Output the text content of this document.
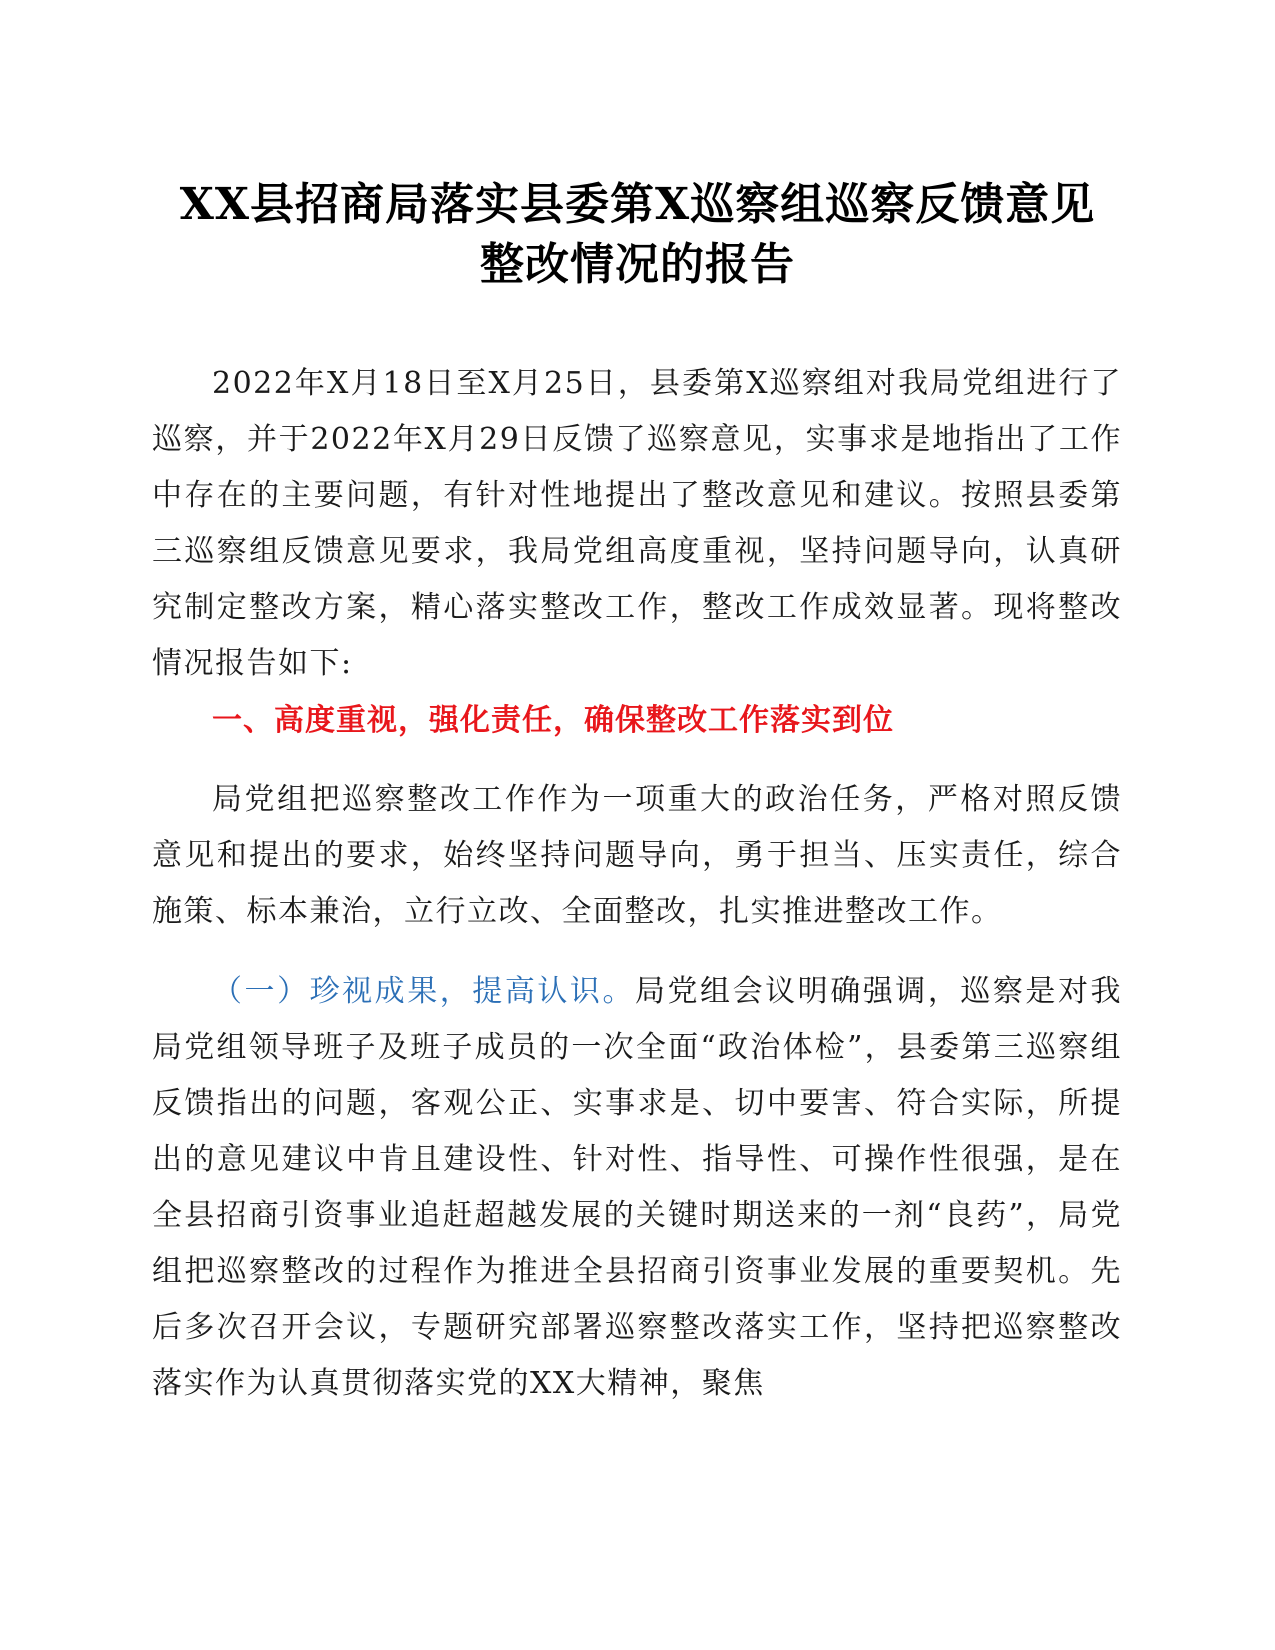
XX县招商局落实县委第X巡察组巡察反馈意见
整改情况的报告

2022年X月18日至X月25日，县委第X巡察组对我局党组进行了巡察，并于2022年X月29日反馈了巡察意见，实事求是地指出了工作中存在的主要问题，有针对性地提出了整改意见和建议。按照县委第三巡察组反馈意见要求，我局党组高度重视，坚持问题导向，认真研究制定整改方案，精心落实整改工作，整改工作成效显著。现将整改情况报告如下:

一、高度重视，强化责任，确保整改工作落实到位

局党组把巡察整改工作作为一项重大的政治任务，严格对照反馈意见和提出的要求，始终坚持问题导向，勇于担当、压实责任，综合施策、标本兼治，立行立改、全面整改，扎实推进整改工作。

（一）珍视成果，提高认识。局党组会议明确强调，巡察是对我局党组领导班子及班子成员的一次全面“政治体检”，县委第三巡察组反馈指出的问题，客观公正、实事求是、切中要害、符合实际，所提出的意见建议中肯且建设性、针对性、指导性、可操作性很强，是在全县招商引资事业追赶超越发展的关键时期送来的一剂“良药”，局党组把巡察整改的过程作为推进全县招商引资事业发展的重要契机。先后多次召开会议，专题研究部署巡察整改落实工作，坚持把巡察整改落实作为认真贯彻落实党的XX大精神，聚焦
